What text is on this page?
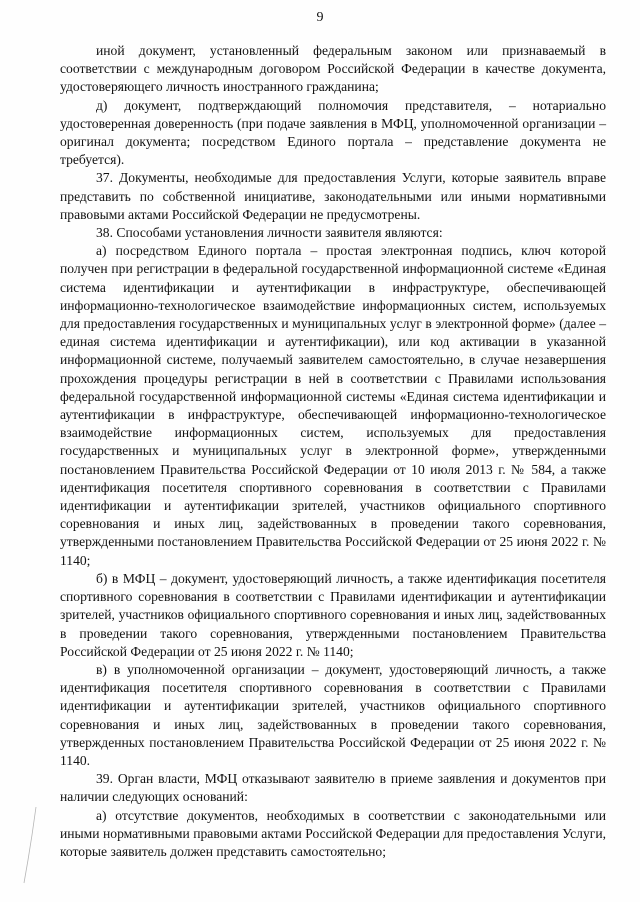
9

иной документ, установленный федеральным законом или признаваемый в соответствии с международным договором Российской Федерации в качестве документа, удостоверяющего личность иностранного гражданина;

д) документ, подтверждающий полномочия представителя, – нотариально удостоверенная доверенность (при подаче заявления в МФЦ, уполномоченной организации – оригинал документа; посредством Единого портала – представление документа не требуется).

37. Документы, необходимые для предоставления Услуги, которые заявитель вправе представить по собственной инициативе, законодательными или иными нормативными правовыми актами Российской Федерации не предусмотрены.

38. Способами установления личности заявителя являются:

а) посредством Единого портала – простая электронная подпись, ключ которой получен при регистрации в федеральной государственной информационной системе «Единая система идентификации и аутентификации в инфраструктуре, обеспечивающей информационно-технологическое взаимодействие информационных систем, используемых для предоставления государственных и муниципальных услуг в электронной форме» (далее – единая система идентификации и аутентификации), или код активации в указанной информационной системе, получаемый заявителем самостоятельно, в случае незавершения прохождения процедуры регистрации в ней в соответствии с Правилами использования федеральной государственной информационной системы «Единая система идентификации и аутентификации в инфраструктуре, обеспечивающей информационно-технологическое взаимодействие информационных систем, используемых для предоставления государственных и муниципальных услуг в электронной форме», утвержденными постановлением Правительства Российской Федерации от 10 июля 2013 г. № 584, а также идентификация посетителя спортивного соревнования в соответствии с Правилами идентификации и аутентификации зрителей, участников официального спортивного соревнования и иных лиц, задействованных в проведении такого соревнования, утвержденными постановлением Правительства Российской Федерации от 25 июня 2022 г. № 1140;

б) в МФЦ – документ, удостоверяющий личность, а также идентификация посетителя спортивного соревнования в соответствии с Правилами идентификации и аутентификации зрителей, участников официального спортивного соревнования и иных лиц, задействованных в проведении такого соревнования, утвержденными постановлением Правительства Российской Федерации от 25 июня 2022 г. № 1140;

в) в уполномоченной организации – документ, удостоверяющий личность, а также идентификация посетителя спортивного соревнования в соответствии с Правилами идентификации и аутентификации зрителей, участников официального спортивного соревнования и иных лиц, задействованных в проведении такого соревнования, утвержденных постановлением Правительства Российской Федерации от 25 июня 2022 г. № 1140.

39. Орган власти, МФЦ отказывают заявителю в приеме заявления и документов при наличии следующих оснований:

а) отсутствие документов, необходимых в соответствии с законодательными или иными нормативными правовыми актами Российской Федерации для предоставления Услуги, которые заявитель должен представить самостоятельно;
